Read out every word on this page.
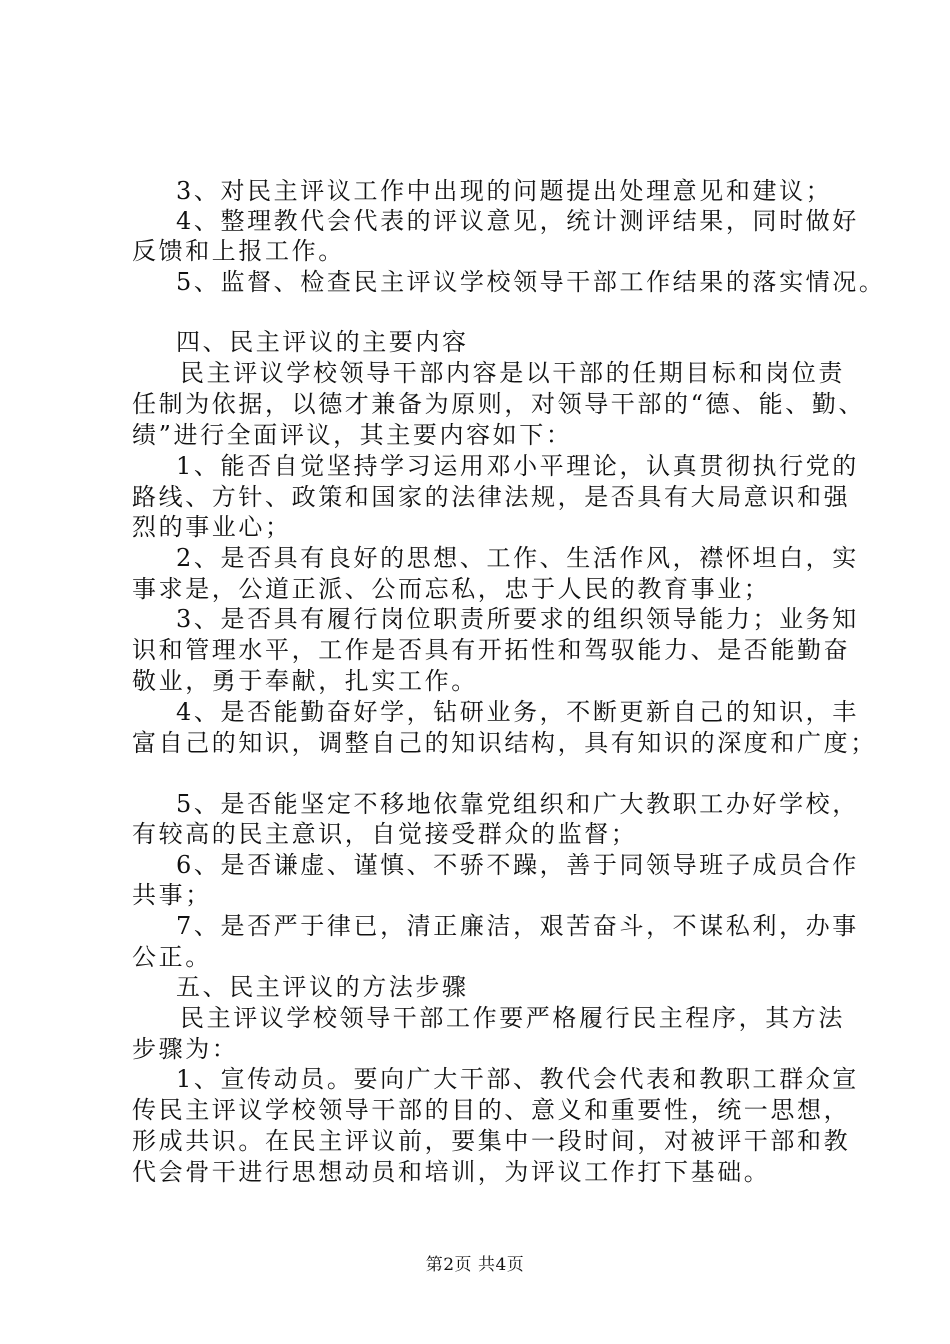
3、对民主评议工作中出现的问题提出处理意见和建议；
4、整理教代会代表的评议意见，统计测评结果，同时做好
反馈和上报工作。
5、监督、检查民主评议学校领导干部工作结果的落实情况。
四、民主评议的主要内容
民主评议学校领导干部内容是以干部的任期目标和岗位责
任制为依据，以德才兼备为原则，对领导干部的“德、能、勤、
绩”进行全面评议，其主要内容如下：
1、能否自觉坚持学习运用邓小平理论，认真贯彻执行党的
路线、方针、政策和国家的法律法规，是否具有大局意识和强
烈的事业心；
2、是否具有良好的思想、工作、生活作风，襟怀坦白，实
事求是，公道正派、公而忘私，忠于人民的教育事业；
3、是否具有履行岗位职责所要求的组织领导能力；业务知
识和管理水平，工作是否具有开拓性和驾驭能力、是否能勤奋
敬业，勇于奉献，扎实工作。
4、是否能勤奋好学，钻研业务，不断更新自己的知识，丰
富自己的知识，调整自己的知识结构，具有知识的深度和广度；
5、是否能坚定不移地依靠党组织和广大教职工办好学校，
有较高的民主意识，自觉接受群众的监督；
6、是否谦虚、谨慎、不骄不躁，善于同领导班子成员合作
共事；
7、是否严于律已，清正廉洁，艰苦奋斗，不谋私利，办事
公正。
五、民主评议的方法步骤
民主评议学校领导干部工作要严格履行民主程序，其方法
步骤为：
1、宣传动员。要向广大干部、教代会代表和教职工群众宣
传民主评议学校领导干部的目的、意义和重要性，统一思想，
形成共识。在民主评议前，要集中一段时间，对被评干部和教
代会骨干进行思想动员和培训，为评议工作打下基础。
第2页 共4页
